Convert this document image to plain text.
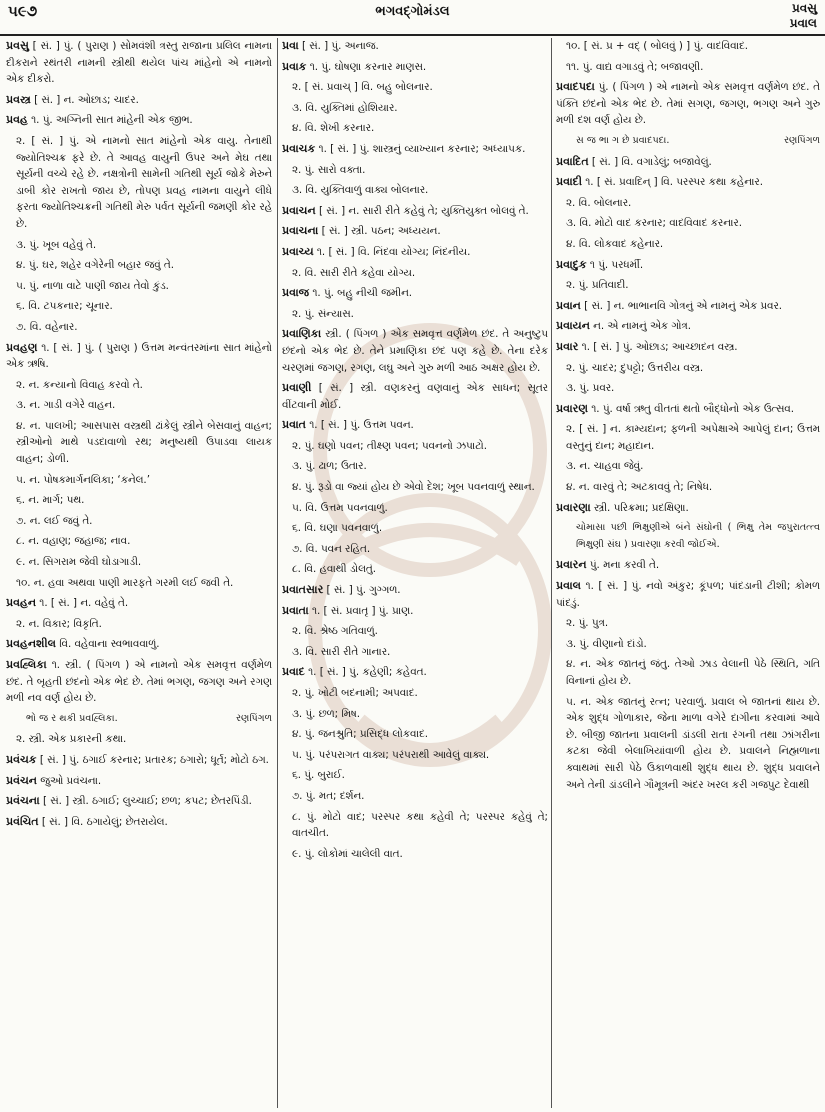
૫૯૭	ભગવદ્ગોમંડલ	પ્રવસુ
પ્રવાલ
પ્રવસુ [ સં. ] પું. ( પુરાણ ) સોમવંશી ત્રસ્તુ રાજાના પ્રલિલ નામના દીકરાને રથંતરી નામની સ્ત્રીથી થયેલ પાંચ માંહેનો એ નામનો એક દીકરો.
પ્રવસ્ત્ર [ સં. ] ન. ઓછાડ; ચાદર.
પ્રવહ ૧. પું. અગ્નિની સાત માંહેની એક જીભ.
૨. [ સં. ] પું. એ નામનો સાત માંહેનો એક વાયુ. તેનાથી જ્યોતિશ્ચક્ર ફરે છે. તે આવહ વાયુની ઉપર અને મેઘ તથા સૂર્યની વચ્ચે રહે છે. નક્ષત્રોની સામેની ગતિથી સૂર્ય જોકે મેરુને ડાબી કોર રાખતો જાય છે, તોપણ પ્રવહ નામના વાયુને લીધે ફરતા જ્યોતિશ્ચક્રની ગતિથી મેરુ પર્વત સૂર્યની જમણી કોર રહે છે.
૩. પું. ખૂબ વહેવું તે.
૪. પું. ઘર, શહેર વગેરેની બહાર જવું તે.
૫. પું. નાળા વાટે પાણી જાય તેવો કુંડ.
૬. વિ. ટપકનાર; ચૂનાર.
૭. વિ. વહેનાર.
પ્રવહણ ૧. [ સં. ] પું. ( પુરાણ ) ઉત્તમ મન્વંતરમાંના સાત માંહેનો એક ઋષિ.
૨. ન. કન્યાનો વિવાહ કરવો તે.
૩. ન. ગાડી વગેરે વાહન.
૪. ન. પાલખી; આસપાસ વસ્ત્રથી ઢાંકેલું સ્ત્રીને બેસવાનું વાહન; સ્ત્રીઓનો માથે પડદાવાળો રથ; મનુષ્યથી ઉપાડવા લાયક વાહન; ડોળી.
૫. ન. પોષકમાર્ગનલિકા; ‘કનેલ.’
૬. ન. માર્ગ; પથ.
૭. ન. લઈ જવું તે.
૮. ન. વહાણ; જહાજ; નાવ.
૯. ન. સિગરામ જેવી ઘોડાગાડી.
૧૦. ન. હવા અથવા પાણી મારફતે ગરમી લઈ જવી તે.
પ્રવહન ૧. [ સં. ] ન. વહેવું તે.
૨. ન. વિકાર; વિકૃતિ.
પ્રવહનશીલ વિ. વહેવાના સ્વભાવવાળું.
પ્રવહ્લિકા ૧. સ્ત્રી. ( પિંગળ ) એ નામનો એક સમવૃત્ત વર્ણમેળ છંદ. તે બૃહતી છંદનો એક ભેદ છે. તેમાં ભગણ, જગણ અને રગણ મળી નવ વર્ણ હોય છે.
રણપિંગળ
ભો જ ર થકી પ્રવહ્લિકા.
૨. સ્ત્રી. એક પ્રકારની કથા.
પ્રવંચક [ સં. ] પું. ઠગાઈ કરનાર; પ્રતારક; ઠગારો; ધૂર્ત; મોટો ઠગ.
પ્રવંચન જુઓ પ્રવંચના.
પ્રવંચના [ સં. ] સ્ત્રી. ઠગાઈ; લુચ્ચાઈ; છળ; કપટ; છેતરપિંડી.
પ્રવંચિત [ સં. ] વિ. ઠગાયેલું; છેતરાયેલ.
પ્રવા [ સં. ] પું. અનાજ.
પ્રવાક ૧. પું. ઘોષણા કરનાર માણસ.
૨. [ સં. પ્રવાચ્ ] વિ. બહુ બોલનાર.
૩. વિ. યુક્તિમાં હોશિયાર.
૪. વિ. શેખી કરનાર.
પ્રવાચક ૧. [ સં. ] પું. શાસ્ત્રનું વ્યાખ્યાન કરનાર; અધ્યાપક.
૨. પું. સારો વક્તા.
૩. વિ. યુક્તિવાળું વાક્ય બોલનાર.
પ્રવાચન [ સં. ] ન. સારી રીતે કહેવું તે; યુક્તિયુક્ત બોલવું તે.
પ્રવાચના [ સં. ] સ્ત્રી. પઠન; અધ્યયન.
પ્રવાચ્ય ૧. [ સં. ] વિ. નિંદવા યોગ્ય; નિંદનીય.
૨. વિ. સારી રીતે કહેવા યોગ્ય.
પ્રવાજ ૧. પું. બહુ નીચી જમીન.
૨. પું. સંન્યાસ.
પ્રવાણિકા સ્ત્રી. ( પિંગળ ) એક સમવૃત્ત વર્ણમેળ છંદ. તે અનુષ્ટુપ છંદનો એક ભેદ છે. તેને પ્રમાણિકા છંદ પણ કહે છે. તેના દરેક ચરણમાં જગણ, રગણ, લઘુ અને ગુરુ મળી આઠ અક્ષર હોય છે.
પ્રવાણી [ સં. ] સ્ત્રી. વણકરનું વણવાનું એક સાધન; સૂતર વીંટવાની મોઈ.
પ્રવાત ૧. [ સં. ] પું. ઉત્તમ પવન.
૨. પું. ઘણો પવન; તીક્ષ્ણ પવન; પવનનો ઝપાટો.
૩. પું. ઢાળ; ઉતાર.
૪. પું. રૂડો વા જ્યાં હોય છે એવો દેશ; ખૂબ પવનવાળું સ્થાન.
૫. વિ. ઉત્તમ પવનવાળું.
૬. વિ. ઘણા પવનવાળું.
૭. વિ. પવન રહિત.
૮. વિ. હવાથી ડોલતું.
પ્રવાતસાર [ સં. ] પું. ગુગ્ગળ.
પ્રવાતા ૧. [ સં. પ્રવાતૃ ] પું. પ્રાણ.
૨. વિ. શ્રેષ્ઠ ગતિવાળું.
૩. વિ. સારી રીતે ગાનાર.
પ્રવાદ ૧. [ સં. ] પું. કહેણી; કહેવત.
૨. પું. ખોટી બદનામી; અપવાદ.
૩. પું. છળ; મિષ.
૪. પું. જનશ્રુતિ; પ્રસિદ્ધ લોકવાદ.
૫. પું. પરંપરાગત વાક્ય; પરંપરાથી આવેલું વાક્ય.
૬. પું. બુરાઈ.
૭. પું. મત; દર્શન.
૮. પું. મોટો વાદ; પરસ્પર કથા કહેવી તે; પરસ્પર કહેવું તે; વાતચીત.
૯. પું. લોકોમાં ચાલેલી વાત.
૧૦. [ સં. પ્ર + વદ્ ( બોલવું ) ] પું. વાદવિવાદ.
૧૧. પું. વાદ્ય વગાડવું તે; બજાવણી.
પ્રવાદપદા પું. ( પિંગળ ) એ નામનો એક સમવૃત્ત વર્ણમેળ છંદ. તે પંક્તિ છંદનો એક ભેદ છે. તેમાં સગણ, જગણ, ભગણ અને ગુરુ મળી દશ વર્ણ હોય છે.
રણપિંગળ
સ જ ભા ગ છે પ્રવાદપદા.
પ્રવાદિત [ સં. ] વિ. વગાડેલું; બજાવેલું.
પ્રવાદી ૧. [ સં. પ્રવાદિન્ ] વિ. પરસ્પર કથા કહેનાર.
૨. વિ. બોલનાર.
૩. વિ. મોટો વાદ કરનાર; વાદવિવાદ કરનાર.
૪. વિ. લોકવાદ કહેનાર.
પ્રવાદુક ૧ પું. પરધર્મી.
૨. પું. પ્રતિવાદી.
પ્રવાન [ સં. ] ન. ભાભાનવિ ગોત્રનું એ નામનું એક પ્રવર.
પ્રવાયન ન. એ નામનું એક ગોત્ર.
પ્રવાર ૧. [ સં. ] પું. ઓછાડ; આચ્છાદન વસ્ત્ર.
૨. પું. ચાદર; દુપટ્ટો; ઉત્તરીય વસ્ત્ર.
૩. પું. પ્રવર.
પ્રવારણ ૧. પું. વર્ષા ઋતુ વીતતાં થતો બૌદ્ધોનો એક ઉત્સવ.
૨. [ સં. ] ન. કામ્યદાન; ફળની અપેક્ષાએ આપેલું દાન; ઉત્તમ વસ્તુનું દાન; મહાદાન.
૩. ન. ચાહવા જેવું.
૪. ન. વારવું તે; અટકાવવું તે; નિષેધ.
પ્રવારણા સ્ત્રી. પરિક્રમા; પ્રદક્ષિણા.
પુરાતત્ત્વ
ચોમાસા પછી ભિક્ષુણીએ બંને સંઘોની ( ભિક્ષુ તેમ જ ભિક્ષુણી સંઘ ) પ્રવારણા કરવી જોઈએ.
પ્રવારન પું. મના કરવી તે.
પ્રવાલ ૧. [ સં. ] પું. નવો અંકુર; કૂંપળ; પાંદડાની ટીશી; કોમળ પાંદડું.
૨. પું. પુત્ર.
૩. પું. વીણાનો દાંડો.
૪. ન. એક જાતનું જંતુ. તેઓ ઝાડ વેલાની પેઠે સ્થિતિ, ગતિ વિનાનાં હોય છે.
૫. ન. એક જાતનું રત્ન; પરવાળું. પ્રવાલ બે જાતનાં થાય છે. એક શુદ્ધ ગોળાકાર, જેના માળા વગેરે દાગીના કરવામાં આવે છે. બીજી જાતના પ્રવાલની ડાંડલી રાતા રંગની તથા ઝાંગરીના કટકા જેવી બેલાખિયાંવાળી હોય છે. પ્રવાલને નિહ્મળાના ક્વાથમાં સારી પેઠે ઉકાળવાથી શુદ્ધ થાય છે. શુદ્ધ પ્રવાલને અને તેની ડાંડલીને ગૌમૂત્રની અંદર ખરલ કરી ગજપુટ દેવાથી
